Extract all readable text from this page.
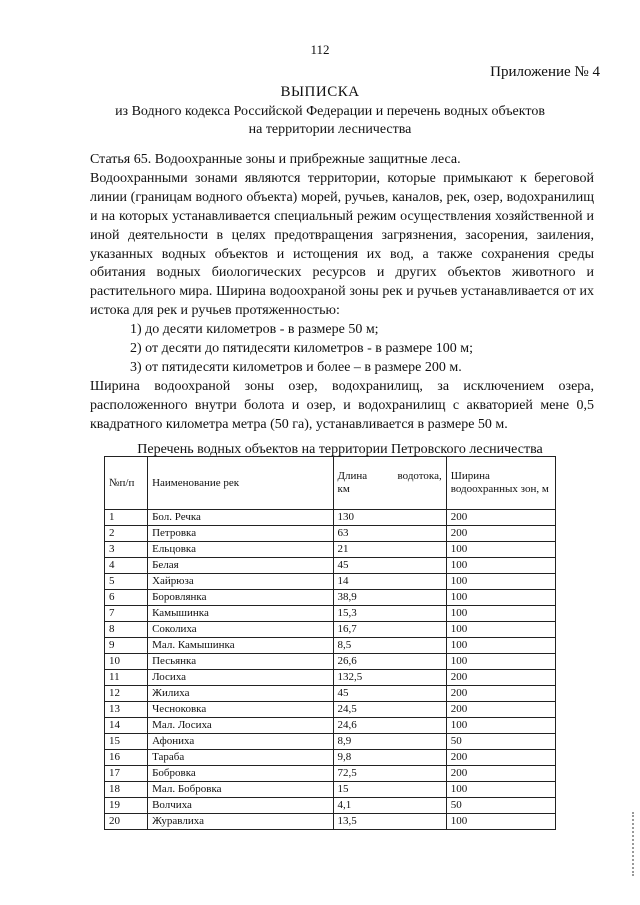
112
Приложение № 4
ВЫПИСКА
из Водного кодекса Российской Федерации и перечень водных объектов на территории лесничества

Статья 65. Водоохранные зоны и прибрежные защитные леса.

Водоохранными зонами являются территории, которые примыкают к береговой линии (границам водного объекта) морей, ручьев, каналов, рек, озер, водохранилищ и на которых устанавливается специальный режим осуществления хозяйственной и иной деятельности в целях предотвращения загрязнения, засорения, заиления, указанных водных объектов и истощения их вод, а также сохранения среды обитания водных биологических ресурсов и других объектов животного и растительного мира. Ширина водоохраной зоны рек и ручьев устанавливается от их истока для рек и ручьев протяженностью:

1) до десяти километров - в размере 50 м;

2) от десяти до пятидесяти километров - в размере 100 м;

3) от пятидесяти километров и более – в размере 200 м.

Ширина водоохраной зоны озер, водохранилищ, за исключением озера, расположенного внутри болота и озер, и водохранилищ с акваторией мене 0,5 квадратного километра метра (50 га), устанавливается в размере 50 м.

Перечень водных объектов на территории Петровского лесничества
№п/п	Наименование рек	Длина водотока,
км	Ширина водоохранных зон, м
1	Бол. Речка	130	200
2	Петровка	63	200
3	Ельцовка	21	100
4	Белая	45	100
5	Хайрюза	14	100
6	Боровлянка	38,9	100
7	Камышинка	15,3	100
8	Соколиха	16,7	100
9	Мал. Камышинка	8,5	100
10	Песьянка	26,6	100
11	Лосиха	132,5	200
12	Жилиха	45	200
13	Чесноковка	24,5	200
14	Мал. Лосиха	24,6	100
15	Афониха	8,9	50
16	Тараба	9,8	200
17	Бобровка	72,5	200
18	Мал. Бобровка	15	100
19	Волчиха	4,1	50
20	Журавлиха	13,5	100
